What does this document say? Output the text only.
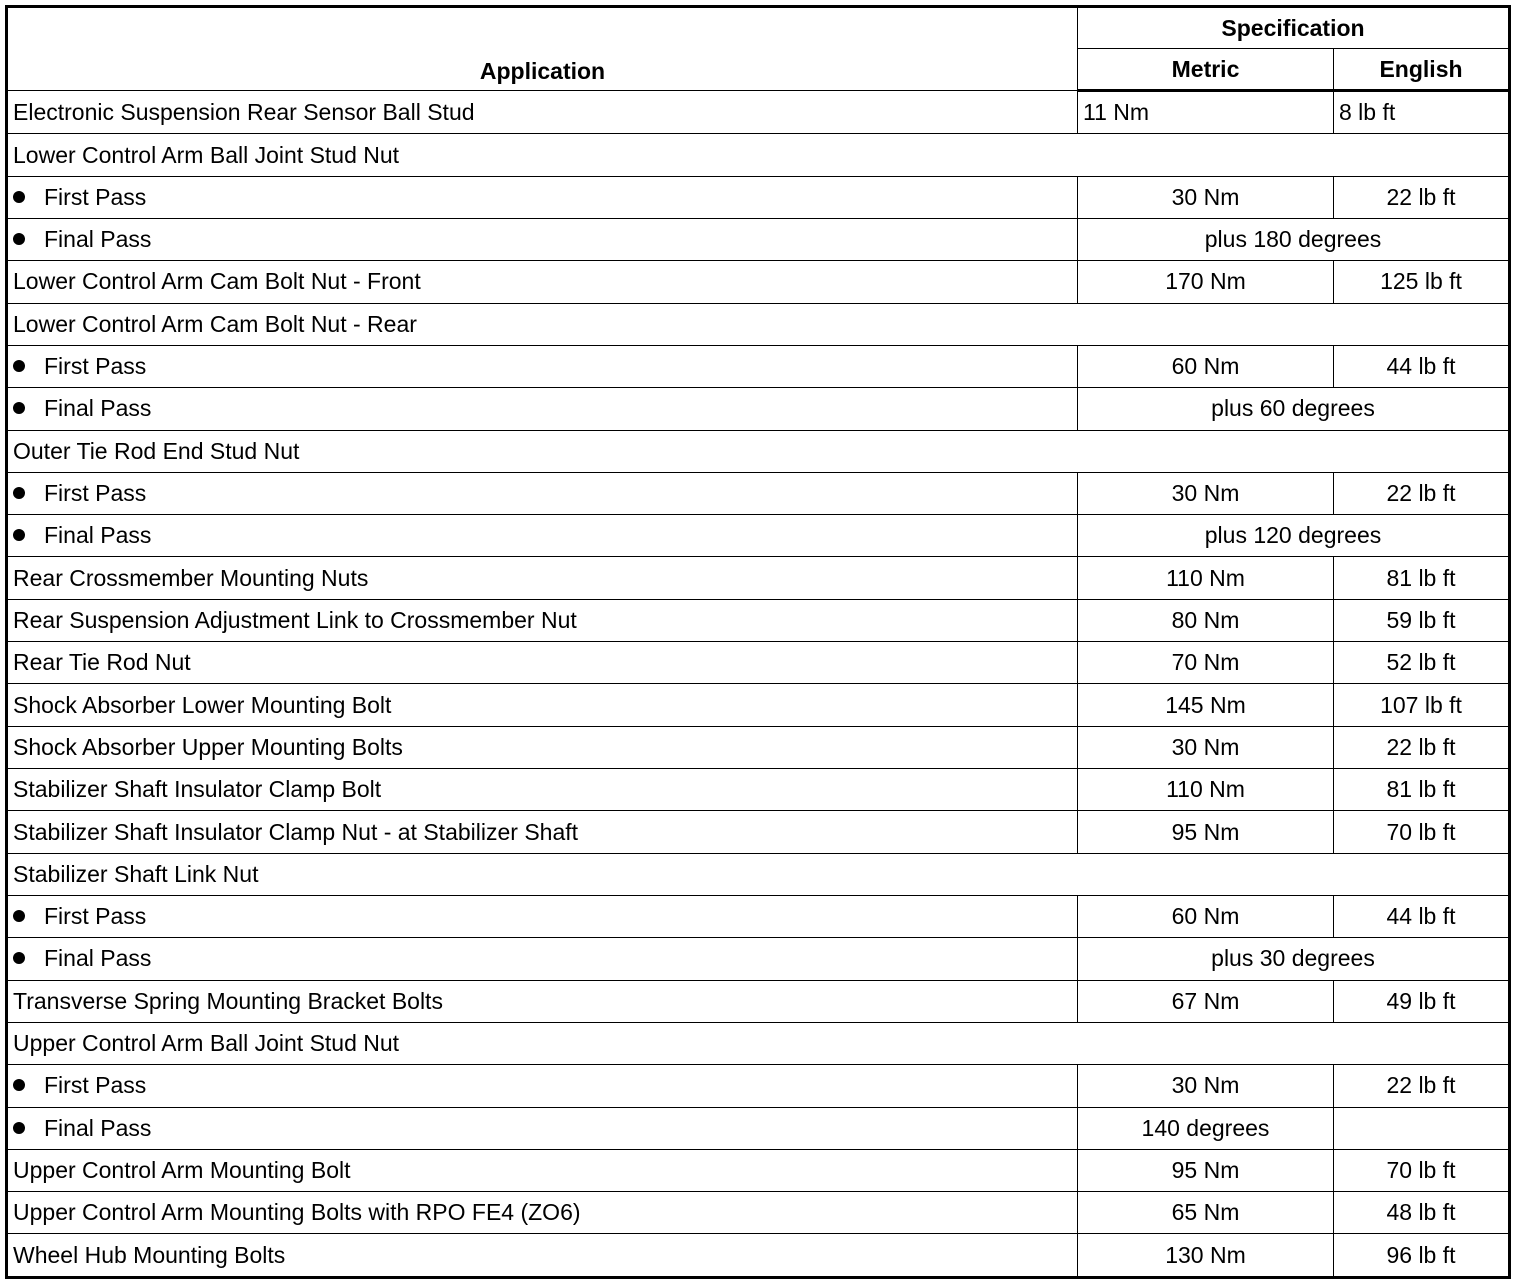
Application	Specification	
	Metric	English
Electronic Suspension Rear Sensor Ball Stud	11 Nm	8 lb ft
Lower Control Arm Ball Joint Stud Nut		
First Pass	30 Nm	22 lb ft
Final Pass	plus 180 degrees	
Lower Control Arm Cam Bolt Nut - Front	170 Nm	125 lb ft
Lower Control Arm Cam Bolt Nut - Rear		
First Pass	60 Nm	44 lb ft
Final Pass	plus 60 degrees	
Outer Tie Rod End Stud Nut		
First Pass	30 Nm	22 lb ft
Final Pass	plus 120 degrees	
Rear Crossmember Mounting Nuts	110 Nm	81 lb ft
Rear Suspension Adjustment Link to Crossmember Nut	80 Nm	59 lb ft
Rear Tie Rod Nut	70 Nm	52 lb ft
Shock Absorber Lower Mounting Bolt	145 Nm	107 lb ft
Shock Absorber Upper Mounting Bolts	30 Nm	22 lb ft
Stabilizer Shaft Insulator Clamp Bolt	110 Nm	81 lb ft
Stabilizer Shaft Insulator Clamp Nut - at Stabilizer Shaft	95 Nm	70 lb ft
Stabilizer Shaft Link Nut		
First Pass	60 Nm	44 lb ft
Final Pass	plus 30 degrees	
Transverse Spring Mounting Bracket Bolts	67 Nm	49 lb ft
Upper Control Arm Ball Joint Stud Nut		
First Pass	30 Nm	22 lb ft
Final Pass	140 degrees	
Upper Control Arm Mounting Bolt	95 Nm	70 lb ft
Upper Control Arm Mounting Bolts with RPO FE4 (ZO6)	65 Nm	48 lb ft
Wheel Hub Mounting Bolts	130 Nm	96 lb ft
